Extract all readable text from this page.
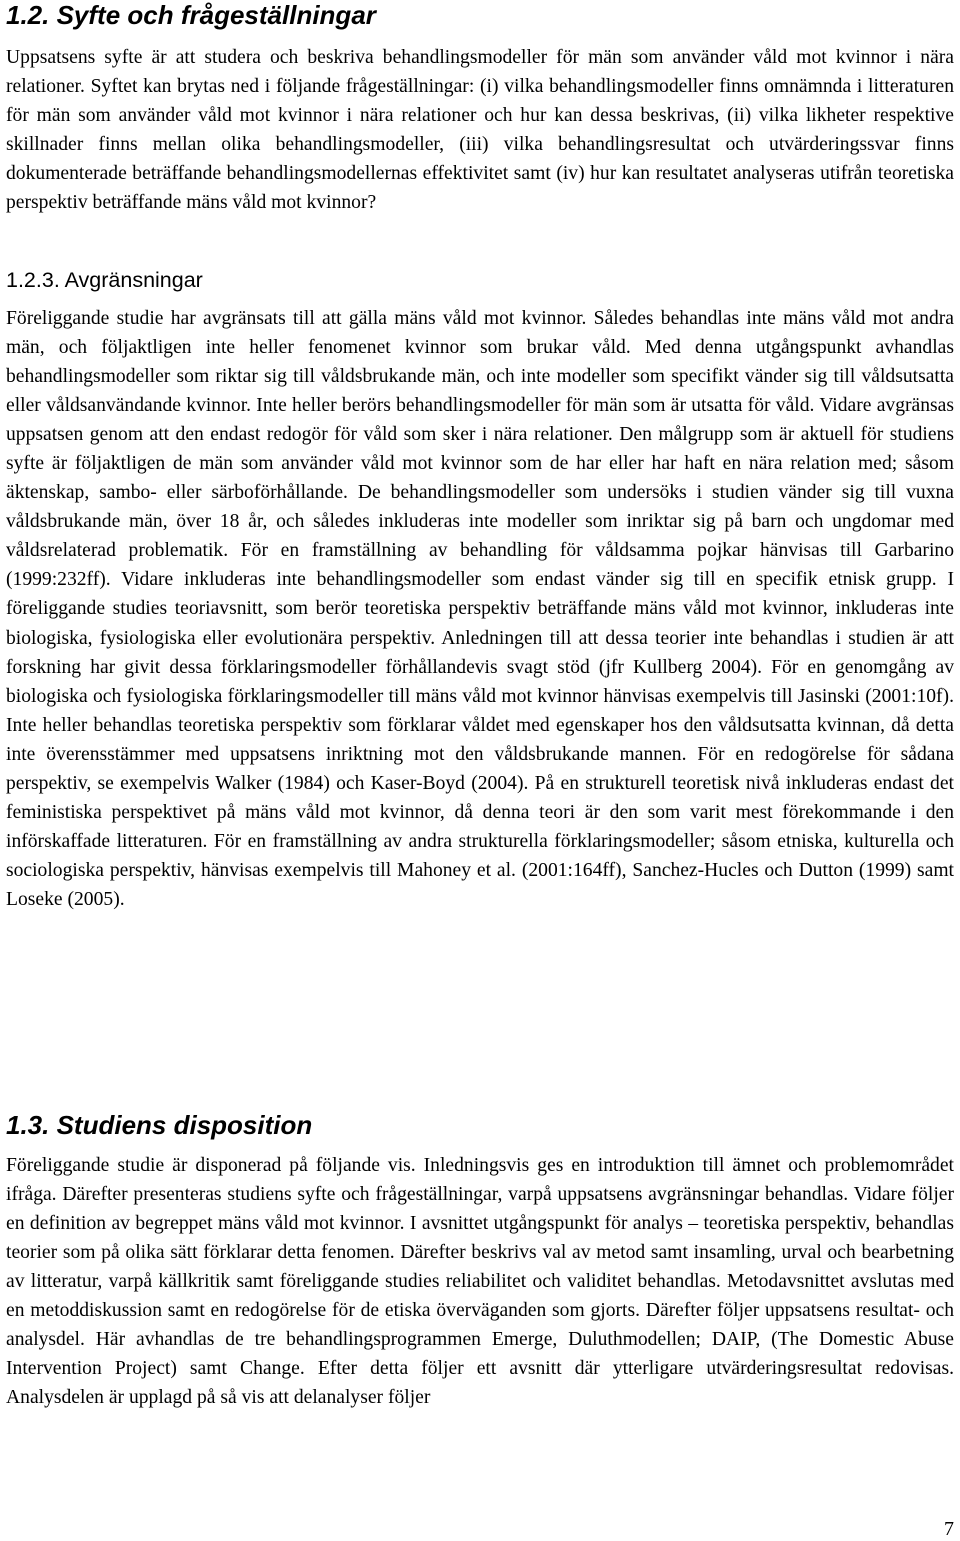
1.2. Syfte och frågeställningar

Uppsatsens syfte är att studera och beskriva behandlingsmodeller för män som använder våld mot kvinnor i nära relationer. Syftet kan brytas ned i följande frågeställningar: (i) vilka behandlingsmodeller finns omnämnda i litteraturen för män som använder våld mot kvinnor i nära relationer och hur kan dessa beskrivas, (ii) vilka likheter respektive skillnader finns mellan olika behandlingsmodeller, (iii) vilka behandlingsresultat och utvärderingssvar finns dokumenterade beträffande behandlingsmodellernas effektivitet samt (iv) hur kan resultatet analyseras utifrån teoretiska perspektiv beträffande mäns våld mot kvinnor?

1.2.3. Avgränsningar

Föreliggande studie har avgränsats till att gälla mäns våld mot kvinnor. Således behandlas inte mäns våld mot andra män, och följaktligen inte heller fenomenet kvinnor som brukar våld. Med denna utgångspunkt avhandlas behandlingsmodeller som riktar sig till våldsbrukande män, och inte modeller som specifikt vänder sig till våldsutsatta eller våldsanvändande kvinnor. Inte heller berörs behandlingsmodeller för män som är utsatta för våld. Vidare avgränsas uppsatsen genom att den endast redogör för våld som sker i nära relationer. Den målgrupp som är aktuell för studiens syfte är följaktligen de män som använder våld mot kvinnor som de har eller har haft en nära relation med; såsom äktenskap, sambo- eller särboförhållande. De behandlingsmodeller som undersöks i studien vänder sig till vuxna våldsbrukande män, över 18 år, och således inkluderas inte modeller som inriktar sig på barn och ungdomar med våldsrelaterad problematik. För en framställning av behandling för våldsamma pojkar hänvisas till Garbarino (1999:232ff). Vidare inkluderas inte behandlingsmodeller som endast vänder sig till en specifik etnisk grupp. I föreliggande studies teoriavsnitt, som berör teoretiska perspektiv beträffande mäns våld mot kvinnor, inkluderas inte biologiska, fysiologiska eller evolutionära perspektiv. Anledningen till att dessa teorier inte behandlas i studien är att forskning har givit dessa förklaringsmodeller förhållandevis svagt stöd (jfr Kullberg 2004). För en genomgång av biologiska och fysiologiska förklaringsmodeller till mäns våld mot kvinnor hänvisas exempelvis till Jasinski (2001:10f). Inte heller behandlas teoretiska perspektiv som förklarar våldet med egenskaper hos den våldsutsatta kvinnan, då detta inte överensstämmer med uppsatsens inriktning mot den våldsbrukande mannen. För en redogörelse för sådana perspektiv, se exempelvis Walker (1984) och Kaser-Boyd (2004). På en strukturell teoretisk nivå inkluderas endast det feministiska perspektivet på mäns våld mot kvinnor, då denna teori är den som varit mest förekommande i den införskaffade litteraturen. För en framställning av andra strukturella förklaringsmodeller; såsom etniska, kulturella och sociologiska perspektiv, hänvisas exempelvis till Mahoney et al. (2001:164ff), Sanchez-Hucles och Dutton (1999) samt Loseke (2005).

1.3. Studiens disposition

Föreliggande studie är disponerad på följande vis. Inledningsvis ges en introduktion till ämnet och problemområdet ifråga. Därefter presenteras studiens syfte och frågeställningar, varpå uppsatsens avgränsningar behandlas. Vidare följer en definition av begreppet mäns våld mot kvinnor. I avsnittet utgångspunkt för analys – teoretiska perspektiv, behandlas teorier som på olika sätt förklarar detta fenomen. Därefter beskrivs val av metod samt insamling, urval och bearbetning av litteratur, varpå källkritik samt föreliggande studies reliabilitet och validitet behandlas. Metodavsnittet avslutas med en metoddiskussion samt en redogörelse för de etiska överväganden som gjorts. Därefter följer uppsatsens resultat- och analysdel. Här avhandlas de tre behandlingsprogrammen Emerge, Duluthmodellen; DAIP, (The Domestic Abuse Intervention Project) samt Change. Efter detta följer ett avsnitt där ytterligare utvärderingsresultat redovisas. Analysdelen är upplagd på så vis att delanalyser följer

7
